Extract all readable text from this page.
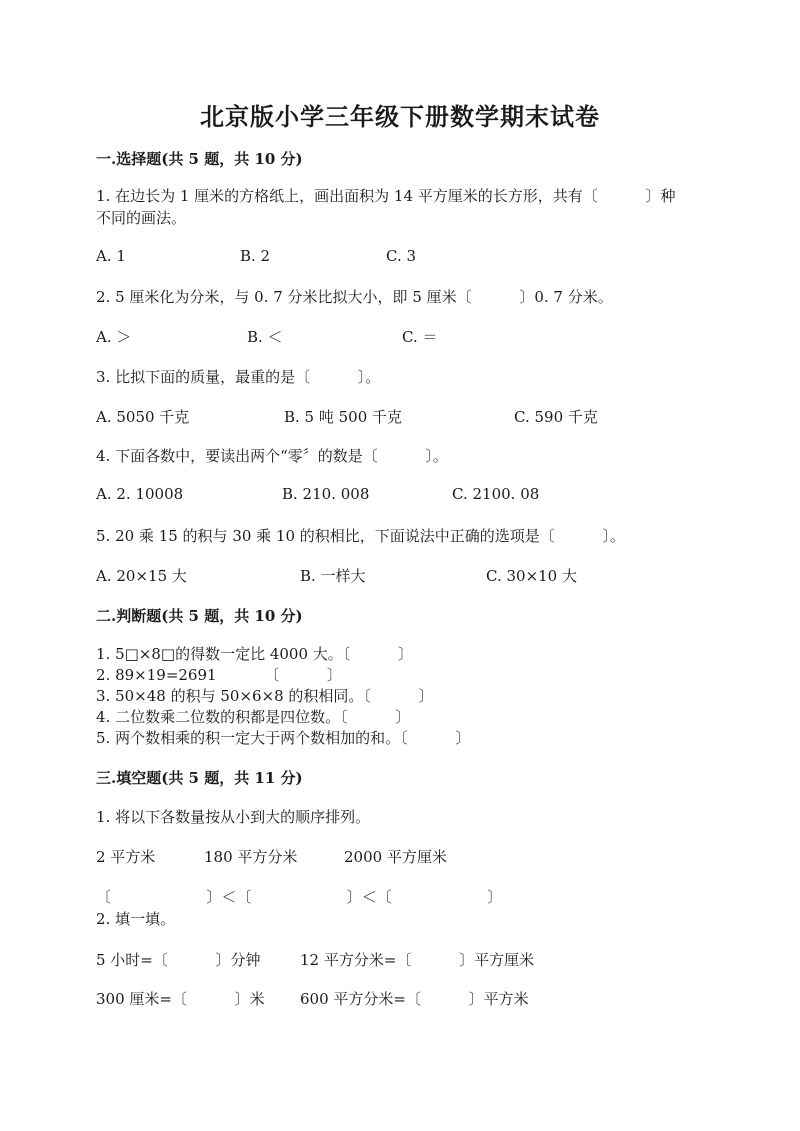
北京版小学三年级下册数学期末试卷
一.选择题(共 5 题，共 10 分)
1. 在边长为 1 厘米的方格纸上，画出面积为 14 平方厘米的长方形，共有〔          〕种
不同的画法。
A. 1	B. 2	C. 3
2. 5 厘米化为分米，与 0. 7 分米比拟大小，即 5 厘米〔          〕0. 7 分米。
A. ＞	B. ＜	C. ＝
3. 比拟下面的质量，最重的是〔          〕。
A. 5050 千克	B. 5 吨 500 千克	C. 590 千克
4. 下面各数中，要读出两个“零〞的数是〔          〕。
A. 2. 10008	B. 210. 008	C. 2100. 08
5. 20 乘 15 的积与 30 乘 10 的积相比，下面说法中正确的选项是〔          〕。
A. 20×15 大	B. 一样大	C. 30×10 大
二.判断题(共 5 题，共 10 分)
1. 5□×8□的得数一定比 4000 大。〔          〕
2. 89×19=2691          〔          〕
3. 50×48 的积与 50×6×8 的积相同。〔          〕
4. 二位数乘二位数的积都是四位数。〔          〕
5. 两个数相乘的积一定大于两个数相加的和。〔          〕
三.填空题(共 5 题，共 11 分)
1. 将以下各数量按从小到大的顺序排列。
2 平方米	180 平方分米	2000 平方厘米
〔                    〕＜〔                    〕＜〔                    〕
2. 填一填。
5 小时=〔          〕分钟	12 平方分米=〔          〕平方厘米
300 厘米=〔          〕米 600 平方分米=〔          〕平方米
